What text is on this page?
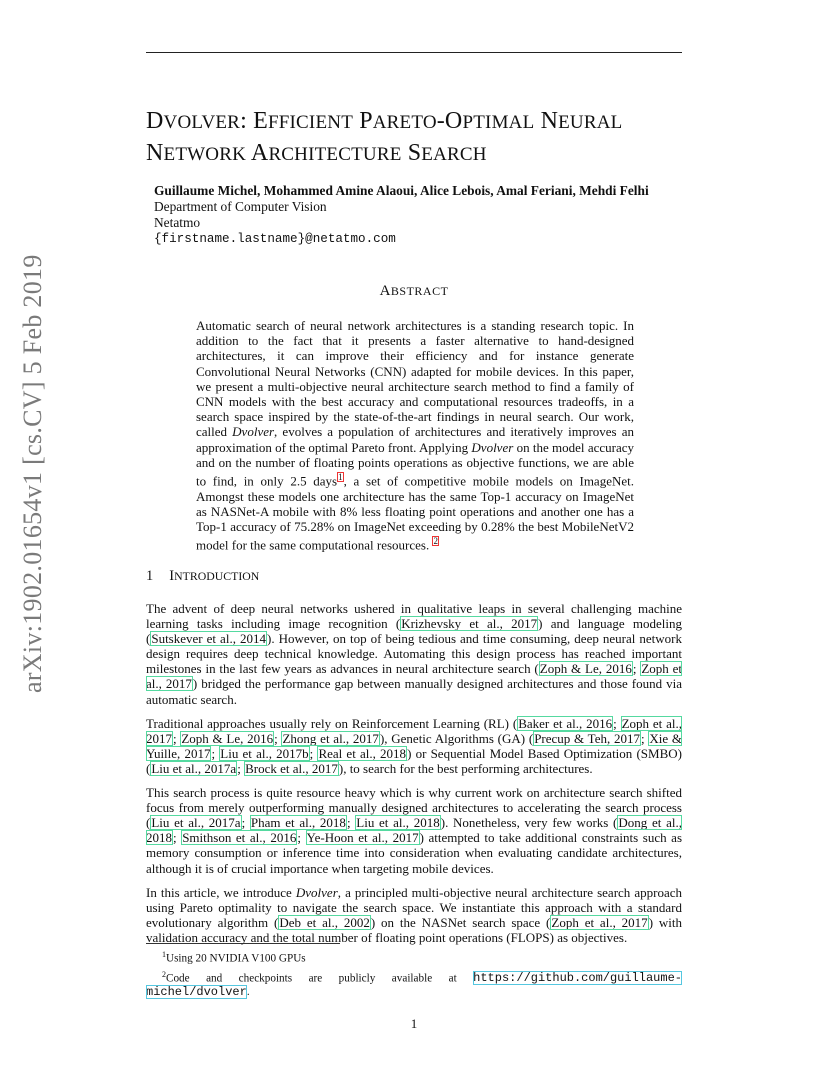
DVOLVER: EFFICIENT PARETO-OPTIMAL NEURAL
NETWORK ARCHITECTURE SEARCH
Guillaume Michel, Mohammed Amine Alaoui, Alice Lebois, Amal Feriani, Mehdi Felhi
Department of Computer Vision
Netatmo
{firstname.lastname}@netatmo.com
arXiv:1902.01654v1 [cs.CV] 5 Feb 2019	ABSTRACT

Automatic search of neural network architectures is a standing research topic. In addition to the fact that it presents a faster alternative to hand-designed architectures, it can improve their efficiency and for instance generate Convolutional Neural Networks (CNN) adapted for mobile devices. In this paper, we present a multi-objective neural architecture search method to find a family of CNN models with the best accuracy and computational resources tradeoffs, in a search space inspired by the state-of-the-art findings in neural search. Our work, called Dvolver, evolves a population of architectures and iteratively improves an approximation of the optimal Pareto front. Applying Dvolver on the model accuracy and on the number of floating points operations as objective functions, we are able to find, in only 2.5 days$^1$, a set of competitive mobile models on ImageNet. Amongst these models one architecture has the same Top-1 accuracy on ImageNet as NASNet-A mobile with 8% less floating point operations and another one has a Top-1 accuracy of 75.28% on ImageNet exceeding by 0.28% the best MobileNetV2 model for the same computational resources. $^2$

1 INTRODUCTION

The advent of deep neural networks ushered in qualitative leaps in several challenging machine learning tasks including image recognition (Krizhevsky et al., 2017) and language modeling (Sutskever et al., 2014). However, on top of being tedious and time consuming, deep neural network design requires deep technical knowledge. Automating this design process has reached important milestones in the last few years as advances in neural architecture search (Zoph & Le, 2016; Zoph et al., 2017) bridged the performance gap between manually designed architectures and those found via automatic search.

Traditional approaches usually rely on Reinforcement Learning (RL) (Baker et al., 2016; Zoph et al., 2017; Zoph & Le, 2016; Zhong et al., 2017), Genetic Algorithms (GA) (Precup & Teh, 2017; Xie & Yuille, 2017; Liu et al., 2017b; Real et al., 2018) or Sequential Model Based Optimization (SMBO) (Liu et al., 2017a; Brock et al., 2017), to search for the best performing architectures.

This search process is quite resource heavy which is why current work on architecture search shifted focus from merely outperforming manually designed architectures to accelerating the search process (Liu et al., 2017a; Pham et al., 2018; Liu et al., 2018). Nonetheless, very few works (Dong et al., 2018; Smithson et al., 2016; Ye-Hoon et al., 2017) attempted to take additional constraints such as memory consumption or inference time into consideration when evaluating candidate architectures, although it is of crucial importance when targeting mobile devices.

In this article, we introduce Dvolver, a principled multi-objective neural architecture search approach using Pareto optimality to navigate the search space. We instantiate this approach with a standard evolutionary algorithm (Deb et al., 2002) on the NASNet search space (Zoph et al., 2017) with validation accuracy and the total number of floating point operations (FLOPS) as objectives.

$^1$Using 20 NVIDIA V100 GPUs

$^2$Code and checkpoints are publicly available at https://github.com/guillaume-michel/dvolver.

1
